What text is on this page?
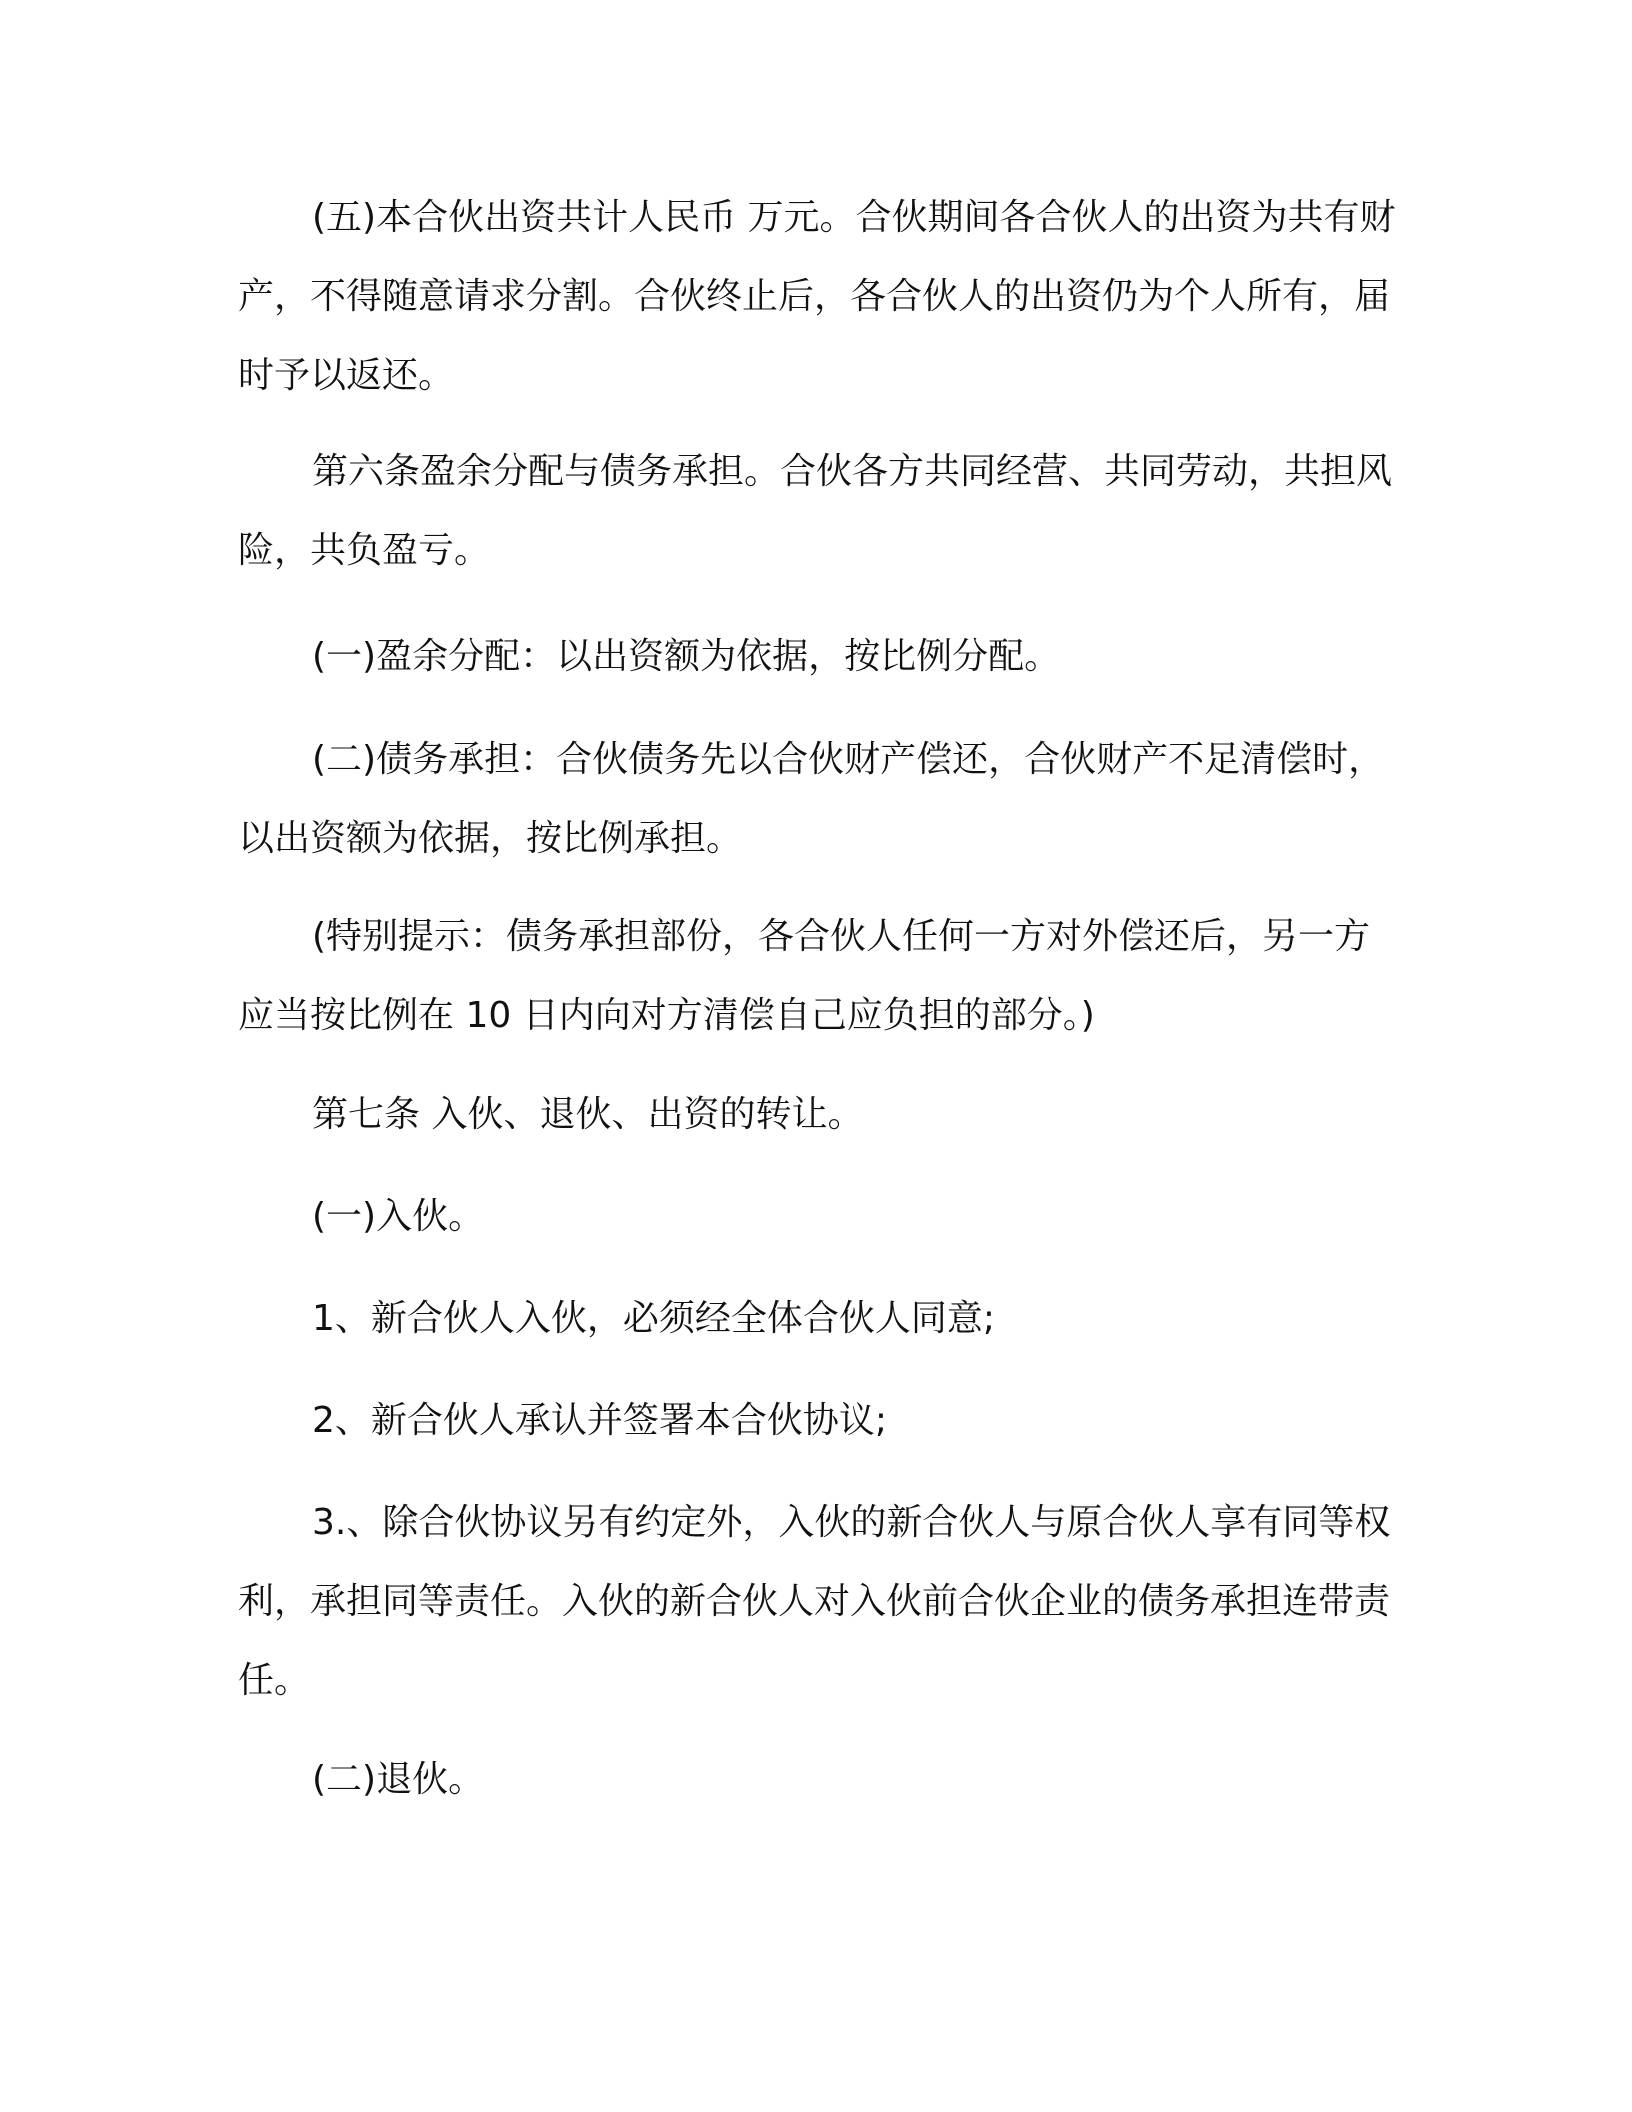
(五)本合伙出资共计人民币 万元。合伙期间各合伙人的出资为共有财产，不得随意请求分割。合伙终止后，各合伙人的出资仍为个人所有，届时予以返还。

第六条盈余分配与债务承担。合伙各方共同经营、共同劳动，共担风险，共负盈亏。

(一)盈余分配：以出资额为依据，按比例分配。

(二)债务承担：合伙债务先以合伙财产偿还，合伙财产不足清偿时，以出资额为依据，按比例承担。

(特别提示：债务承担部份，各合伙人任何一方对外偿还后，另一方应当按比例在 10 日内向对方清偿自己应负担的部分。)

第七条 入伙、退伙、出资的转让。

(一)入伙。

1、新合伙人入伙，必须经全体合伙人同意;

2、新合伙人承认并签署本合伙协议;

3.、除合伙协议另有约定外，入伙的新合伙人与原合伙人享有同等权利，承担同等责任。入伙的新合伙人对入伙前合伙企业的债务承担连带责任。

(二)退伙。
